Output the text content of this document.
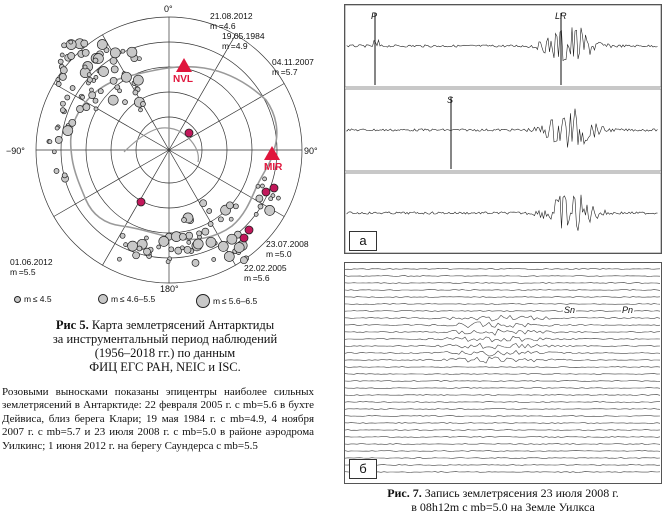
0°
−90°	90°
180°
NVL
MIR
21.08.2012
m =4.6
19.05.1984
m =4.9
04.11.2007
m =5.7
23.07.2008
m =5.0
22.02.2005
m =5.6
01.06.2012
m =5.5
m ≤ 4.5	m ≤ 4.6–5.5	m ≤ 5.6–6.5
Рис 5. Карта землетрясений Антарктиды
за инструментальный период наблюдений
(1956–2018 гг.) по данным
ФИЦ ЕГС РАН, NEIC и ISC.

Розовыми выносками показаны эпицентры наиболее сильных землетрясений в Антарктиде: 22 февраля 2005 г. с mb=5.6 в бухте Дейвиса, близ берега Клари; 19 мая 1984 г. с mb=4.9, 4 ноября 2007 г. с mb=5.7 и 23 июля 2008 г. с mb=5.0 в районе аэродрома Уилкинс; 1 июня 2012 г. на берегу Саундерса с mb=5.5

P	LR
S
а
Sn	Pn
б
Рис. 7. Запись землетрясения 23 июля 2008 г.
в 08h12m с mb=5.0 на Земле Уилкса
